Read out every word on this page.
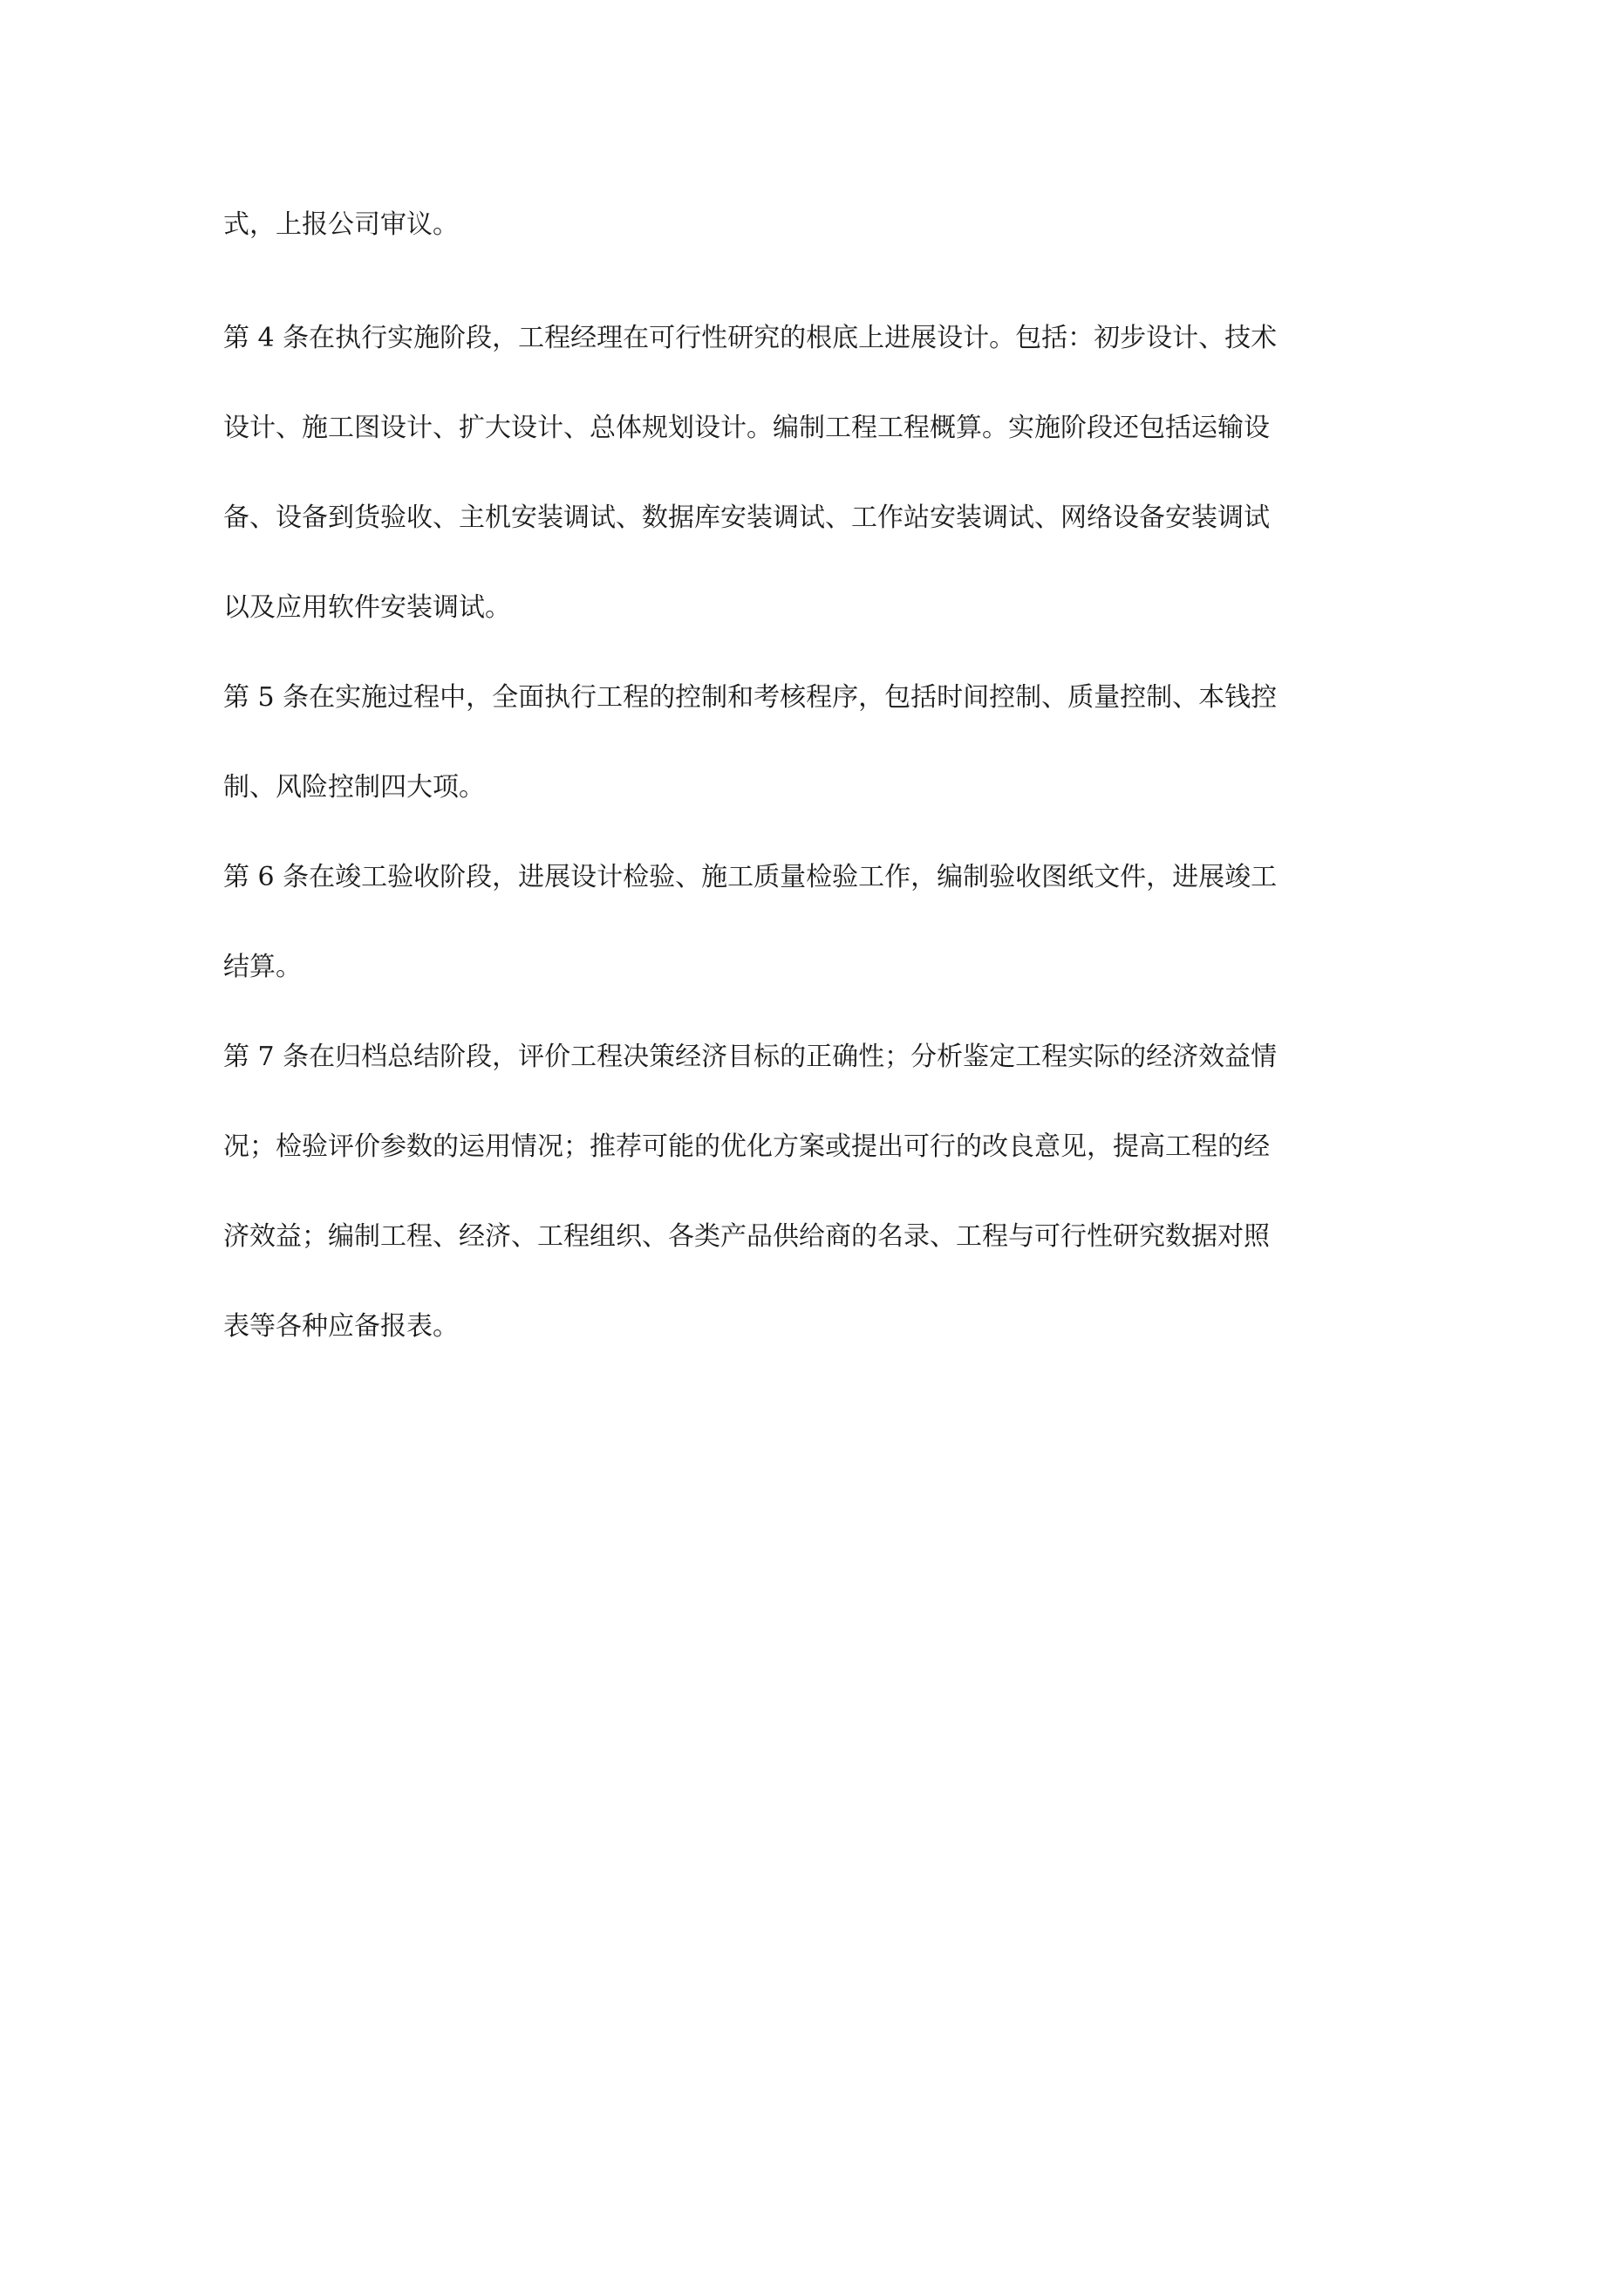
式，上报公司审议。
第 4 条在执行实施阶段，工程经理在可行性研究的根底上进展设计。包括：初步设计、技术
设计、施工图设计、扩大设计、总体规划设计。编制工程工程概算。实施阶段还包括运输设
备、设备到货验收、主机安装调试、数据库安装调试、工作站安装调试、网络设备安装调试
以及应用软件安装调试。
第 5 条在实施过程中，全面执行工程的控制和考核程序，包括时间控制、质量控制、本钱控
制、风险控制四大项。
第 6 条在竣工验收阶段，进展设计检验、施工质量检验工作，编制验收图纸文件，进展竣工
结算。
第 7 条在归档总结阶段，评价工程决策经济目标的正确性；分析鉴定工程实际的经济效益情
况；检验评价参数的运用情况；推荐可能的优化方案或提出可行的改良意见，提高工程的经
济效益；编制工程、经济、工程组织、各类产品供给商的名录、工程与可行性研究数据对照
表等各种应备报表。
